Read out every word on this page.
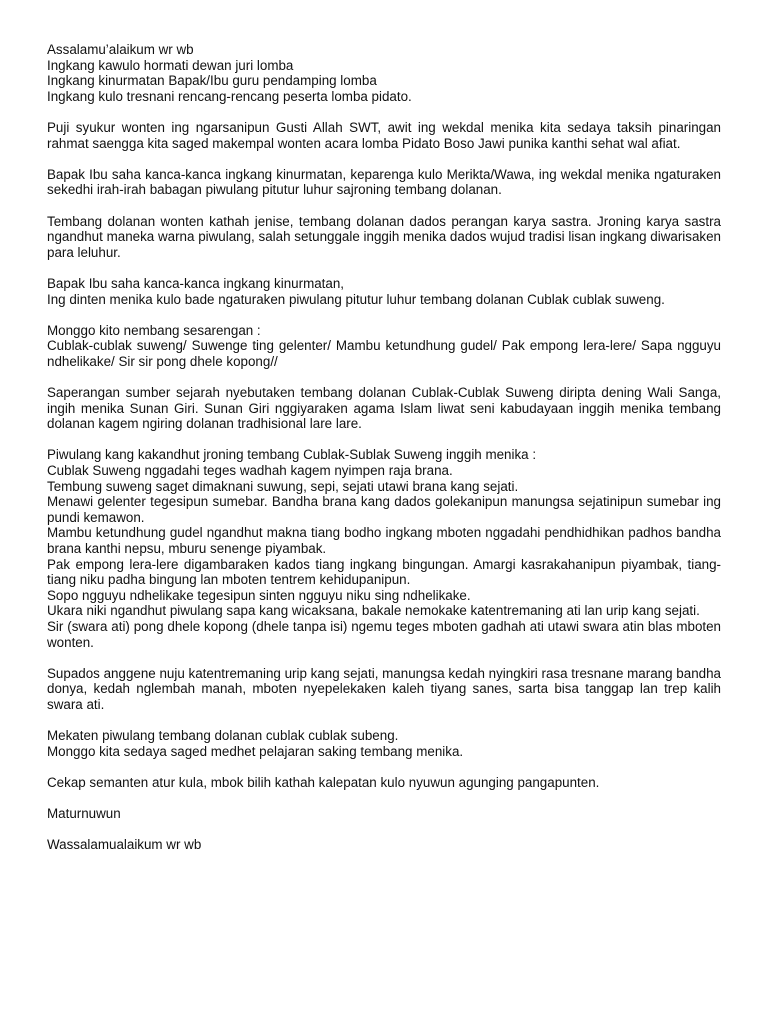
Assalamu’alaikum wr wb
Ingkang kawulo hormati dewan juri lomba
Ingkang kinurmatan Bapak/Ibu guru pendamping lomba
Ingkang kulo tresnani rencang-rencang peserta lomba pidato.
Puji syukur wonten ing ngarsanipun Gusti Allah SWT, awit ing wekdal menika kita sedaya taksih pinaringan rahmat saengga kita saged makempal wonten acara lomba Pidato Boso Jawi punika kanthi sehat wal afiat.
Bapak Ibu saha kanca-kanca ingkang kinurmatan, keparenga kulo Merikta/Wawa, ing wekdal menika ngaturaken sekedhi irah-irah babagan piwulang pitutur luhur sajroning tembang dolanan.
Tembang dolanan wonten kathah jenise, tembang dolanan dados perangan karya sastra. Jroning karya sastra ngandhut maneka warna piwulang, salah setunggale inggih menika dados wujud tradisi lisan ingkang diwarisaken para leluhur.
Bapak Ibu saha kanca-kanca ingkang kinurmatan,
Ing dinten menika kulo bade ngaturaken piwulang pitutur luhur tembang dolanan Cublak cublak suweng.
Monggo kito nembang sesarengan :
Cublak-cublak suweng/ Suwenge ting gelenter/ Mambu ketundhung gudel/ Pak empong lera-lere/ Sapa ngguyu ndhelikake/ Sir sir pong dhele kopong//
Saperangan sumber sejarah nyebutaken tembang dolanan Cublak-Cublak Suweng diripta dening Wali Sanga, ingih menika Sunan Giri. Sunan Giri nggiyaraken agama Islam liwat seni kabudayaan inggih menika tembang dolanan kagem ngiring dolanan tradhisional lare lare.
Piwulang kang kakandhut jroning tembang Cublak-Sublak Suweng inggih menika :
Cublak Suweng nggadahi teges wadhah kagem nyimpen raja brana.
Tembung suweng saget dimaknani suwung, sepi, sejati utawi brana kang sejati.
Menawi gelenter tegesipun sumebar. Bandha brana kang dados golekanipun manungsa sejatinipun sumebar ing pundi kemawon.
Mambu ketundhung gudel ngandhut makna tiang bodho ingkang mboten nggadahi pendhidhikan padhos bandha brana kanthi nepsu, mburu senenge piyambak.
Pak empong lera-lere digambaraken kados tiang ingkang bingungan. Amargi kasrakahanipun piyambak, tiang-tiang niku padha bingung lan mboten tentrem kehidupanipun.
Sopo ngguyu ndhelikake tegesipun sinten ngguyu niku sing ndhelikake.
Ukara niki ngandhut piwulang sapa kang wicaksana, bakale nemokake katentremaning ati lan urip kang sejati.
Sir (swara ati) pong dhele kopong (dhele tanpa isi) ngemu teges mboten gadhah ati utawi swara atin blas mboten wonten.
Supados anggene nuju katentremaning urip kang sejati, manungsa kedah nyingkiri rasa tresnane marang bandha donya, kedah nglembah manah, mboten nyepelekaken kaleh tiyang sanes, sarta bisa tanggap lan trep kalih swara ati.
Mekaten piwulang tembang dolanan cublak cublak subeng.
Monggo kita sedaya saged medhet pelajaran saking tembang menika.
Cekap semanten atur kula, mbok bilih kathah kalepatan kulo nyuwun agunging pangapunten.
Maturnuwun
Wassalamualaikum wr wb
